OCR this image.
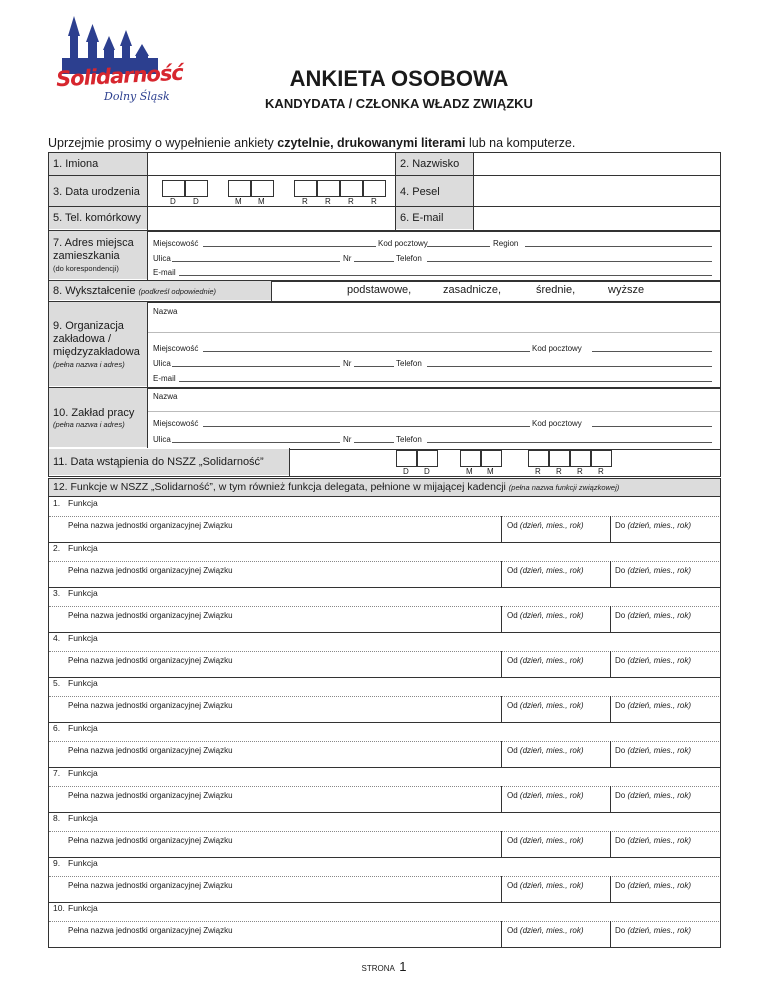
Solidarność
Dolny Śląsk
ANKIETA OSOBOWA
KANDYDATA / CZŁONKA WŁADZ ZWIĄZKU
Uprzejmie prosimy o wypełnienie ankiety czytelnie, drukowanymi literami lub na komputerze.
1. Imiona	2. Nazwisko
3. Data urodzenia	4. Pesel
5. Tel. komórkowy	6. E-mail
D D	M M	R R R R
7. Adres miejsca zamieszkania
(do korespondencji)
Miejscowość	Kod pocztowy	Region
Ulica	Nr	Telefon
E-mail
8. Wykształcenie (podkreśl odpowiednie)	podstawowe,	zasadnicze,	średnie,	wyższe
9. Organizacja zakładowa / międzyzakładowa
(pełna nazwa i adres)
Nazwa
Miejscowość	Kod pocztowy
Ulica	Nr	Telefon
E-mail
10. Zakład pracy
(pełna nazwa i adres)
Nazwa
Miejscowość	Kod pocztowy
Ulica	Nr	Telefon
11. Data wstąpienia do NSZZ „Solidarność”
D D	M M	R R R R
12. Funkcje w NSZZ „Solidarność”, w tym również funkcja delegata, pełnione w mijającej kadencji (pełna nazwa funkcji związkowej)
1. Funkcja
Pełna nazwa jednostki organizacyjnej Związku	Od (dzień, mies., rok)	Do (dzień, mies., rok)
2. Funkcja
Pełna nazwa jednostki organizacyjnej Związku	Od (dzień, mies., rok)	Do (dzień, mies., rok)
3. Funkcja
Pełna nazwa jednostki organizacyjnej Związku	Od (dzień, mies., rok)	Do (dzień, mies., rok)
4. Funkcja
Pełna nazwa jednostki organizacyjnej Związku	Od (dzień, mies., rok)	Do (dzień, mies., rok)
5. Funkcja
Pełna nazwa jednostki organizacyjnej Związku	Od (dzień, mies., rok)	Do (dzień, mies., rok)
6. Funkcja
Pełna nazwa jednostki organizacyjnej Związku	Od (dzień, mies., rok)	Do (dzień, mies., rok)
7. Funkcja
Pełna nazwa jednostki organizacyjnej Związku	Od (dzień, mies., rok)	Do (dzień, mies., rok)
8. Funkcja
Pełna nazwa jednostki organizacyjnej Związku	Od (dzień, mies., rok)	Do (dzień, mies., rok)
9. Funkcja
Pełna nazwa jednostki organizacyjnej Związku	Od (dzień, mies., rok)	Do (dzień, mies., rok)
10. Funkcja
Pełna nazwa jednostki organizacyjnej Związku	Od (dzień, mies., rok)	Do (dzień, mies., rok)
STRONA 1
